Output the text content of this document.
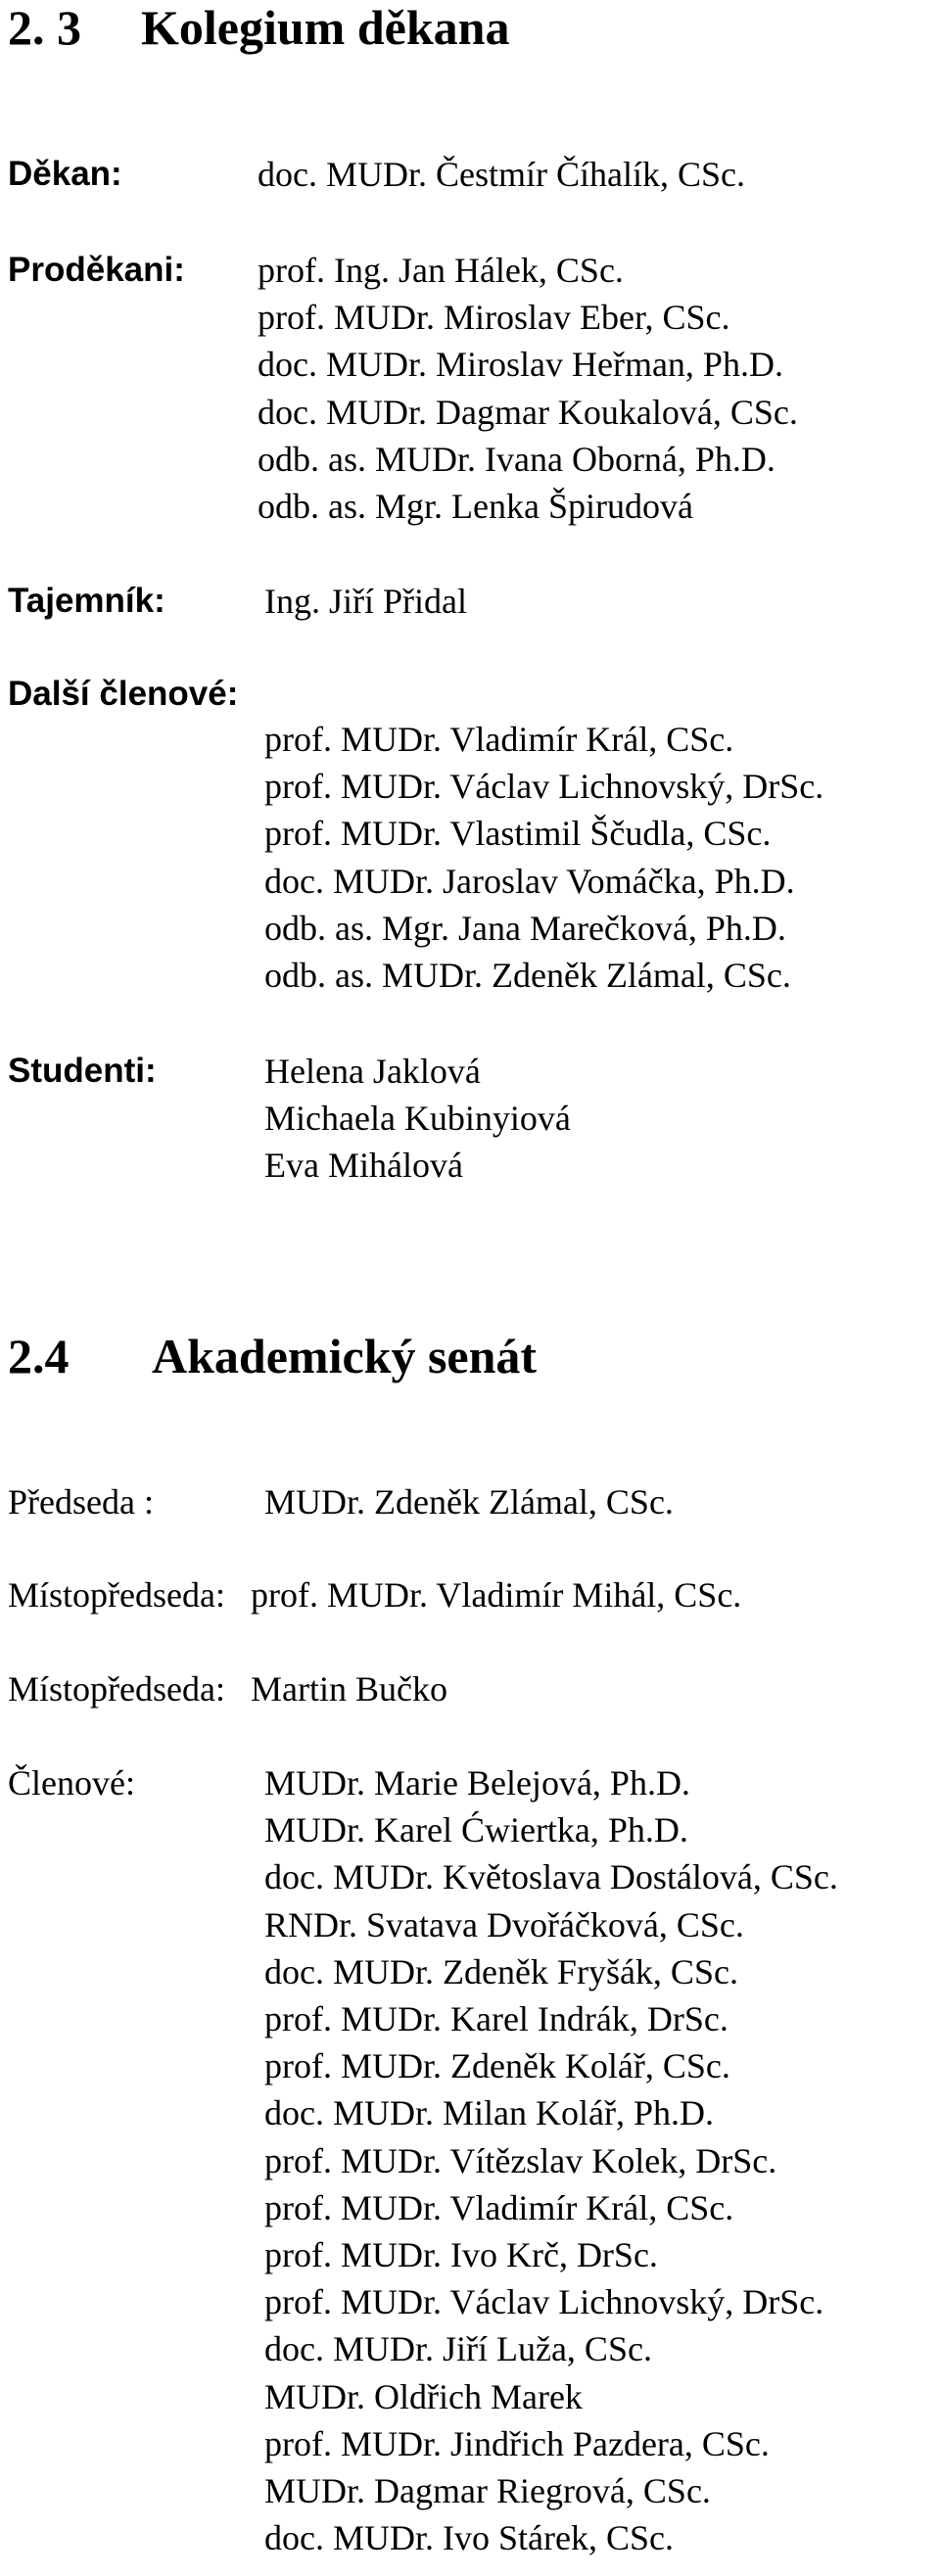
2. 3 Kolegium děkana
Děkan:	doc. MUDr. Čestmír Číhalík, CSc.
Proděkani: prof. Ing. Jan Hálek, CSc.
prof. MUDr. Miroslav Eber, CSc.
doc. MUDr. Miroslav Heřman, Ph.D.
doc. MUDr. Dagmar Koukalová, CSc.
odb. as. MUDr. Ivana Oborná, Ph.D.
odb. as. Mgr. Lenka Špirudová
Tajemník:	Ing. Jiří Přidal
Další členové:
prof. MUDr. Vladimír Král, CSc.
prof. MUDr. Václav Lichnovský, DrSc.
prof. MUDr. Vlastimil Ščudla, CSc.
doc. MUDr. Jaroslav Vomáčka, Ph.D.
odb. as. Mgr. Jana Marečková, Ph.D.
odb. as. MUDr. Zdeněk Zlámal, CSc.
Studenti:	Helena Jaklová
Michaela Kubinyiová
Eva Mihálová
2.4 Akademický senát
Předseda :	MUDr. Zdeněk Zlámal, CSc.
Místopředseda: prof. MUDr. Vladimír Mihál, CSc.
Místopředseda: Martin Bučko
Členové:	MUDr. Marie Belejová, Ph.D.
MUDr. Karel Ćwiertka, Ph.D.
doc. MUDr. Květoslava Dostálová, CSc.
RNDr. Svatava Dvořáčková, CSc.
doc. MUDr. Zdeněk Fryšák, CSc.
prof. MUDr. Karel Indrák, DrSc.
prof. MUDr. Zdeněk Kolář, CSc.
doc. MUDr. Milan Kolář, Ph.D.
prof. MUDr. Vítězslav Kolek, DrSc.
prof. MUDr. Vladimír Král, CSc.
prof. MUDr. Ivo Krč, DrSc.
prof. MUDr. Václav Lichnovský, DrSc.
doc. MUDr. Jiří Luža, CSc.
MUDr. Oldřich Marek
prof. MUDr. Jindřich Pazdera, CSc.
MUDr. Dagmar Riegrová, CSc.
doc. MUDr. Ivo Stárek, CSc.
